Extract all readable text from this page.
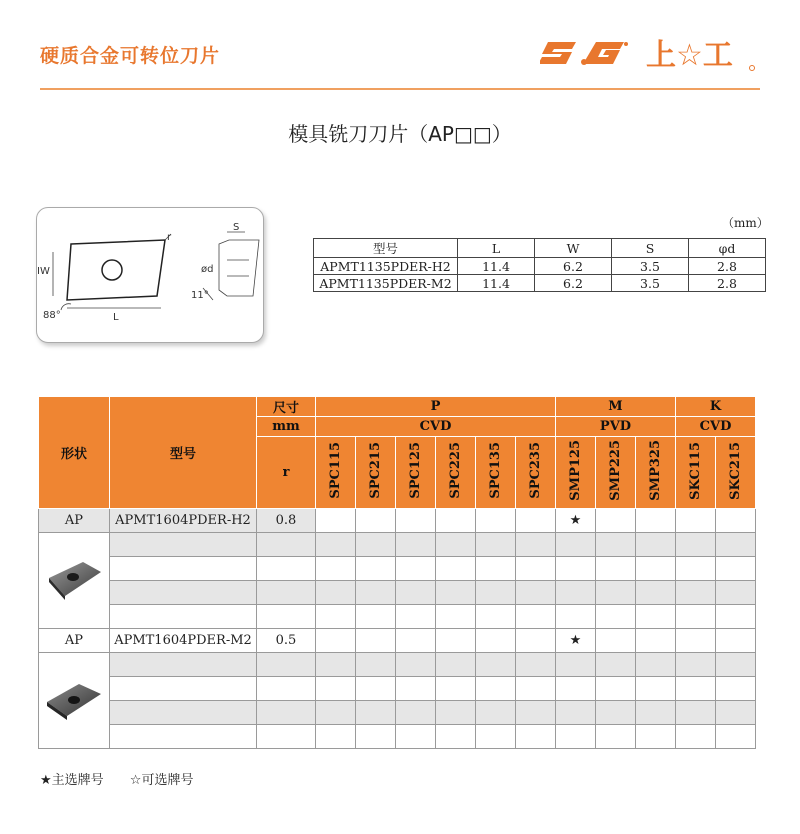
硬质合金可转位刀片	上☆工
模具铣刀刀片（AP□□）
r
IW
L
88°
S
ød
11°
（mm）
型号	L	W	S	φd
APMT1135PDER-H2	11.4	6.2	3.5	2.8
APMT1135PDER-M2	11.4	6.2	3.5	2.8
形状	型号	尺寸	P						M			K	
		mm	CVD						PVD			CVD	
		r	SPC115	SPC215	SPC125	SPC225	SPC135	SPC235	SMP125	SMP225	SMP325	SKC115	SKC215
AP	APMT1604PDER-H2	0.8							★				

AP	APMT1604PDER-M2	0.5							★				

★主选牌号 ☆可选牌号
